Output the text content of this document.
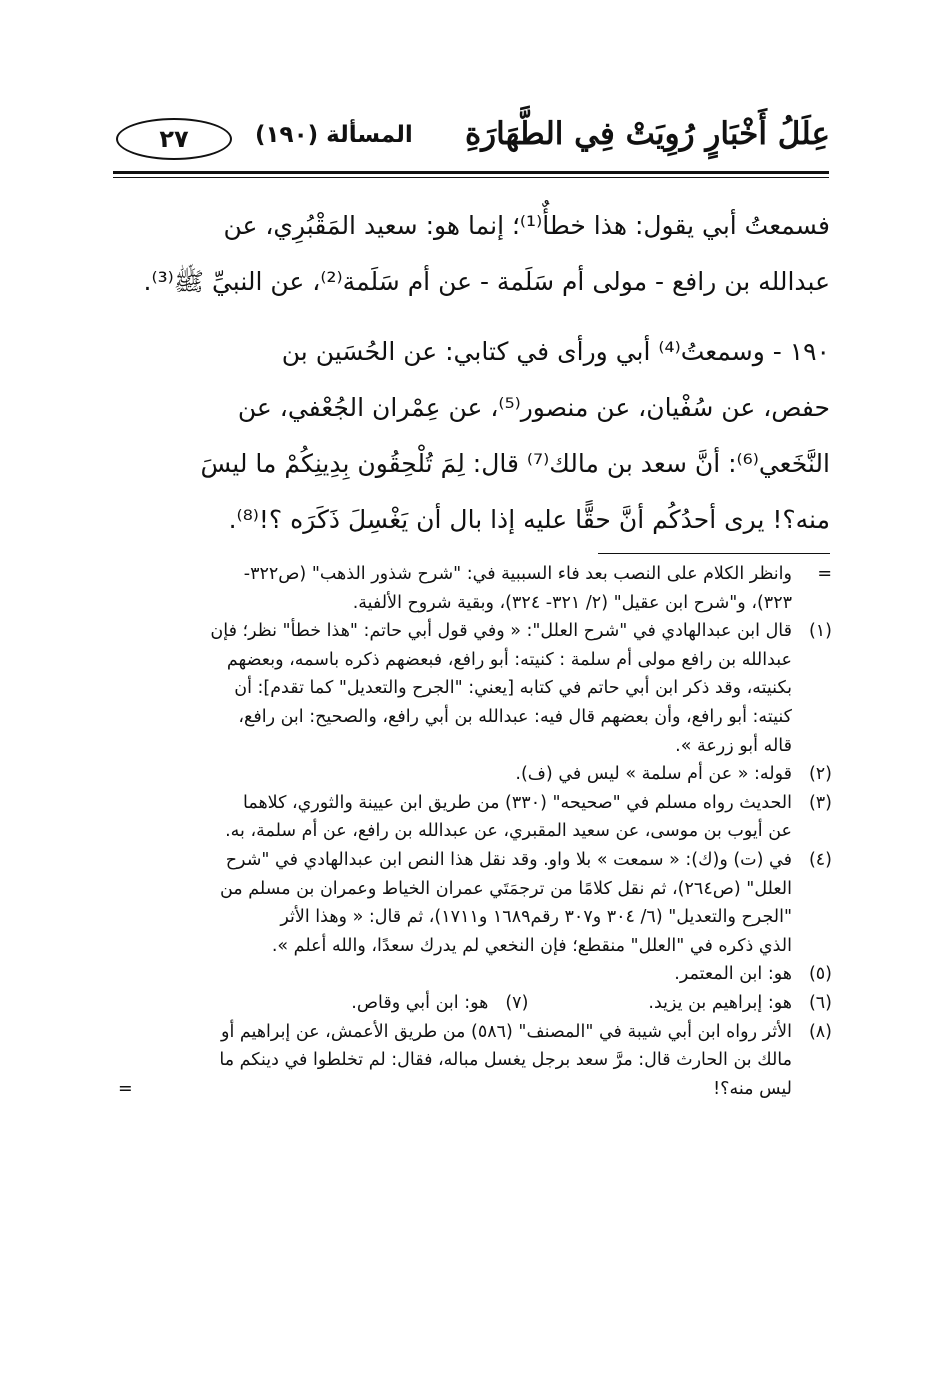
عِلَلُ أَخْبَارٍ رُوِيَتْ فِي الطَّهَارَةِ
المسألة (١٩٠)
٢٧
فسمعتُ أبي يقول: هذا خطأٌ⁽¹⁾؛ إنما هو: سعيد المَقْبُرِي، عن
عبدالله بن رافع - مولى أم سَلَمة - عن أم سَلَمة⁽²⁾، عن النبيِّ ﷺ⁽³⁾.
١٩٠ - وسمعتُ⁽⁴⁾ أبي ورأى في كتابي: عن الحُسَين بن
حفص، عن سُفْيان، عن منصور⁽⁵⁾، عن عِمْران الجُعْفي، عن
النَّخَعي⁽⁶⁾: أنَّ سعد بن مالك⁽⁷⁾ قال: لِمَ تُلْحِقُون بِدِينِكُمْ ما ليسَ
منه؟! يرى أحدُكُم أنَّ حقًّا عليه إذا بال أن يَغْسِلَ ذَكَرَه ؟!⁽⁸⁾.
=وانظر الكلام على النصب بعد فاء السببية في: "شرح شذور الذهب" (ص٣٢٢-
٣٢٣)، و"شرح ابن عقيل" (٢/ ٣٢١- ٣٢٤)، وبقية شروح الألفية.
(١)قال ابن عبدالهادي في "شرح العلل": « وفي قول أبي حاتم: "هذا خطأ" نظر؛ فإن
عبدالله بن رافع مولى أم سلمة : كنيته: أبو رافع، فبعضهم ذكره باسمه، وبعضهم
بكنيته، وقد ذكر ابن أبي حاتم في كتابه [يعني: "الجرح والتعديل" كما تقدم]: أن
كنيته: أبو رافع، وأن بعضهم قال فيه: عبدالله بن أبي رافع، والصحيح: ابن رافع،
قاله أبو زرعة ».
(٢)قوله: « عن أم سلمة » ليس في (ف).
(٣)الحديث رواه مسلم في "صحيحه" (٣٣٠) من طريق ابن عيينة والثوري، كلاهما
عن أيوب بن موسى، عن سعيد المقبري، عن عبدالله بن رافع، عن أم سلمة، به.
(٤)في (ت) و(ك): « سمعت » بلا واو. وقد نقل هذا النص ابن عبدالهادي في "شرح
العلل" (ص٢٦٤)، ثم نقل كلامًا من ترجمَتَي عمران الخياط وعمران بن مسلم من
"الجرح والتعديل" (٦/ ٣٠٤ و٣٠٧ رقم١٦٨٩ و١٧١١)، ثم قال: « وهذا الأثر
الذي ذكره في "العلل" منقطع؛ فإن النخعي لم يدرك سعدًا، والله أعلم ».
(٥)هو: ابن المعتمر.
(٦)هو: إبراهيم بن يزيد.(٧)هو: ابن أبي وقاص.
(٨)الأثر رواه ابن أبي شيبة في "المصنف" (٥٨٦) من طريق الأعمش، عن إبراهيم أو
مالك بن الحارث قال: مرَّ سعد برجل يغسل مباله، فقال: لم تخلطوا في دينكم ما
ليس منه؟!
=
